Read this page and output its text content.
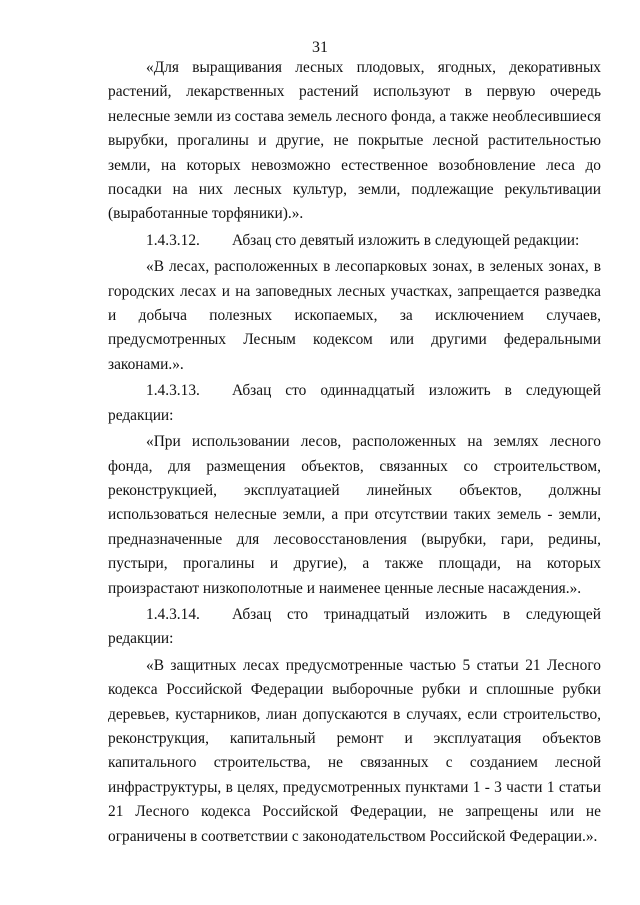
31

«Для выращивания лесных плодовых, ягодных, декоративных растений, лекарственных растений используют в первую очередь нелесные земли из состава земель лесного фонда, а также необлесившиеся вырубки, прогалины и другие, не покрытые лесной растительностью земли, на которых невозможно естественное возобновление леса до посадки на них лесных культур, земли, подлежащие рекультивации (выработанные торфяники).».

1.4.3.12. Абзац сто девятый изложить в следующей редакции:

«В лесах, расположенных в лесопарковых зонах, в зеленых зонах, в городских лесах и на заповедных лесных участках, запрещается разведка и добыча полезных ископаемых, за исключением случаев, предусмотренных Лесным кодексом или другими федеральными законами.».

1.4.3.13. Абзац сто одиннадцатый изложить в следующей редакции:

«При использовании лесов, расположенных на землях лесного фонда, для размещения объектов, связанных со строительством, реконструкцией, эксплуатацией линейных объектов, должны использоваться нелесные земли, а при отсутствии таких земель - земли, предназначенные для лесовосстановления (вырубки, гари, редины, пустыри, прогалины и другие), а также площади, на которых произрастают низкополотные и наименее ценные лесные насаждения.».

1.4.3.14. Абзац сто тринадцатый изложить в следующей редакции:

«В защитных лесах предусмотренные частью 5 статьи 21 Лесного кодекса Российской Федерации выборочные рубки и сплошные рубки деревьев, кустарников, лиан допускаются в случаях, если строительство, реконструкция, капитальный ремонт и эксплуатация объектов капитального строительства, не связанных с созданием лесной инфраструктуры, в целях, предусмотренных пунктами 1 - 3 части 1 статьи 21 Лесного кодекса Российской Федерации, не запрещены или не ограничены в соответствии с законодательством Российской Федерации.».
